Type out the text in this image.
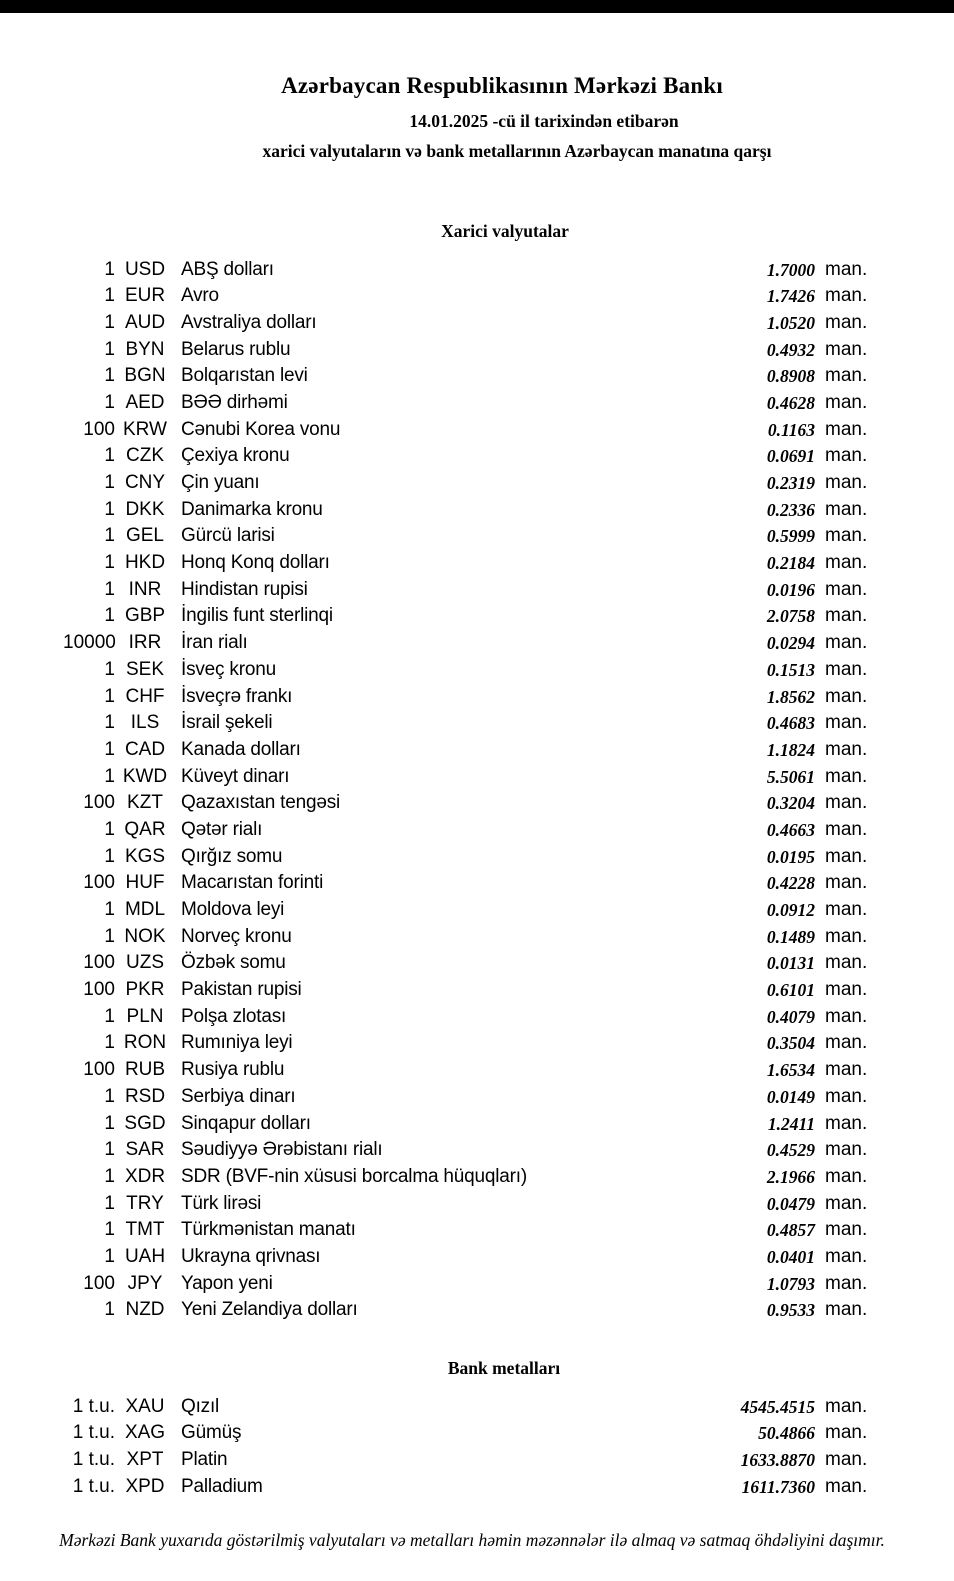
Azərbaycan Respublikasının Mərkəzi Bankı
14.01.2025 -cü il tarixindən etibarən
xarici valyutaların və bank metallarının Azərbaycan manatına qarşı
Xarici valyutalar
1 USD ABŞ dolları	1.7000 man.
1 EUR Avro	1.7426 man.
1 AUD Avstraliya dolları	1.0520 man.
1 BYN Belarus rublu	0.4932 man.
1 BGN Bolqarıstan levi	0.8908 man.
1 AED BƏƏ dirhəmi	0.4628 man.
100 KRW Cənubi Korea vonu	0.1163 man.
1 CZK Çexiya kronu	0.0691 man.
1 CNY Çin yuanı	0.2319 man.
1 DKK Danimarka kronu	0.2336 man.
1 GEL Gürcü larisi	0.5999 man.
1 HKD Honq Konq dolları	0.2184 man.
1 INR	Hindistan rupisi	0.0196 man.
1 GBP İngilis funt sterlinqi	2.0758 man.
10000 IRR	İran rialı	0.0294 man.
1 SEK İsveç kronu	0.1513 man.
1 CHF İsveçrə frankı	1.8562 man.
1 ILS	İsrail şekeli	0.4683 man.
1 CAD Kanada dolları	1.1824 man.
1 KWD Küveyt dinarı	5.5061 man.
100 KZT Qazaxıstan tengəsi	0.3204 man.
1 QAR Qətər rialı	0.4663 man.
1 KGS Qırğız somu	0.0195 man.
100 HUF Macarıstan forinti	0.4228 man.
1 MDL Moldova leyi	0.0912 man.
1 NOK Norveç kronu	0.1489 man.
100 UZS Özbək somu	0.0131 man.
100 PKR Pakistan rupisi	0.6101 man.
1 PLN Polşa zlotası	0.4079 man.
1 RON Rumıniya leyi	0.3504 man.
100 RUB Rusiya rublu	1.6534 man.
1 RSD Serbiya dinarı	0.0149 man.
1 SGD Sinqapur dolları	1.2411 man.
1 SAR Səudiyyə Ərəbistanı rialı	0.4529 man.
1 XDR SDR (BVF-nin xüsusi borcalma hüquqları)	2.1966 man.
1 TRY Türk lirəsi	0.0479 man.
1 TMT Türkmənistan manatı	0.4857 man.
1 UAH Ukrayna qrivnası	0.0401 man.
100 JPY Yapon yeni	1.0793 man.
1 NZD Yeni Zelandiya dolları	0.9533 man.
Bank metalları
1 t.u. XAU Qızıl	4545.4515 man.
1 t.u. XAG Gümüş	50.4866 man.
1 t.u. XPT Platin	1633.8870 man.
1 t.u. XPD Palladium	1611.7360 man.
Mərkəzi Bank yuxarıda göstərilmiş valyutaları və metalları həmin məzənnələr ilə almaq və satmaq öhdəliyini daşımır.
